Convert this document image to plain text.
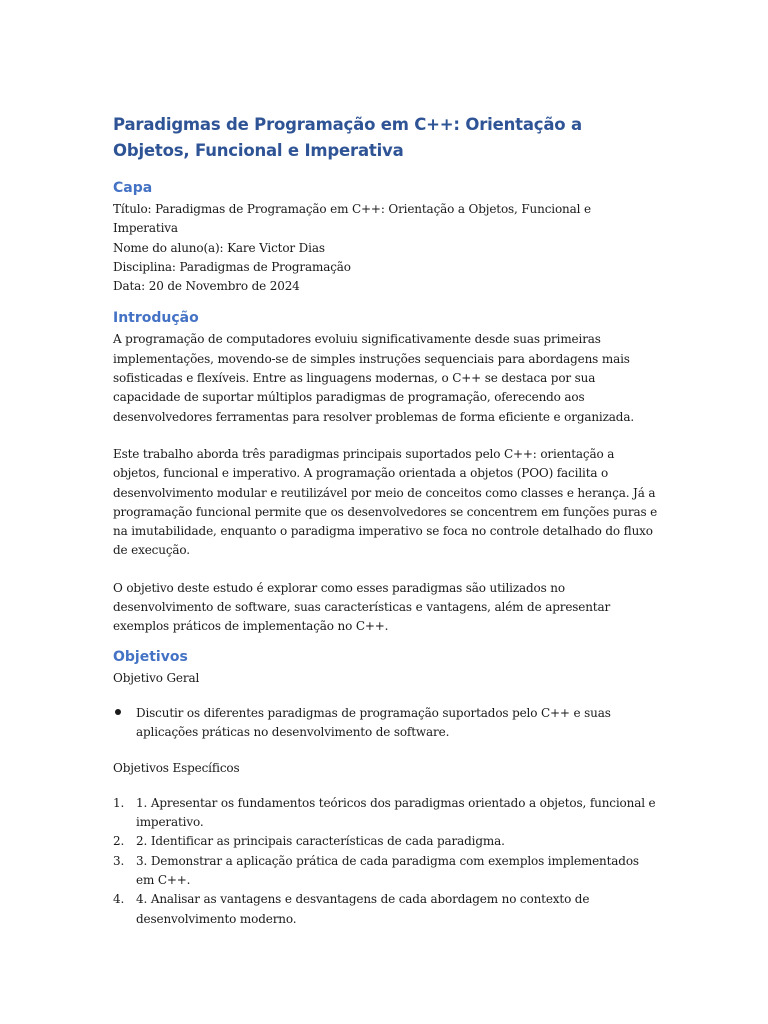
Paradigmas de Programação em C++: Orientação a Objetos, Funcional e Imperativa
Capa

Título: Paradigmas de Programação em C++: Orientação a Objetos, Funcional e Imperativa

Nome do aluno(a): Kare Victor Dias

Disciplina: Paradigmas de Programação

Data: 20 de Novembro de 2024

Introdução

A programação de computadores evoluiu significativamente desde suas primeiras implementações, movendo-se de simples instruções sequenciais para abordagens mais sofisticadas e flexíveis. Entre as linguagens modernas, o C++ se destaca por sua capacidade de suportar múltiplos paradigmas de programação, oferecendo aos desenvolvedores ferramentas para resolver problemas de forma eficiente e organizada.

Este trabalho aborda três paradigmas principais suportados pelo C++: orientação a objetos, funcional e imperativo. A programação orientada a objetos (POO) facilita o desenvolvimento modular e reutilizável por meio de conceitos como classes e herança. Já a programação funcional permite que os desenvolvedores se concentrem em funções puras e na imutabilidade, enquanto o paradigma imperativo se foca no controle detalhado do fluxo de execução.

O objetivo deste estudo é explorar como esses paradigmas são utilizados no desenvolvimento de software, suas características e vantagens, além de apresentar exemplos práticos de implementação no C++.

Objetivos

Objetivo Geral

Discutir os diferentes paradigmas de programação suportados pelo C++ e suas aplicações práticas no desenvolvimento de software.

Objetivos Específicos

1. 1. Apresentar os fundamentos teóricos dos paradigmas orientado a objetos, funcional e imperativo.
2. 2. Identificar as principais características de cada paradigma.
3. 3. Demonstrar a aplicação prática de cada paradigma com exemplos implementados em C++.
4. 4. Analisar as vantagens e desvantagens de cada abordagem no contexto de desenvolvimento moderno.
